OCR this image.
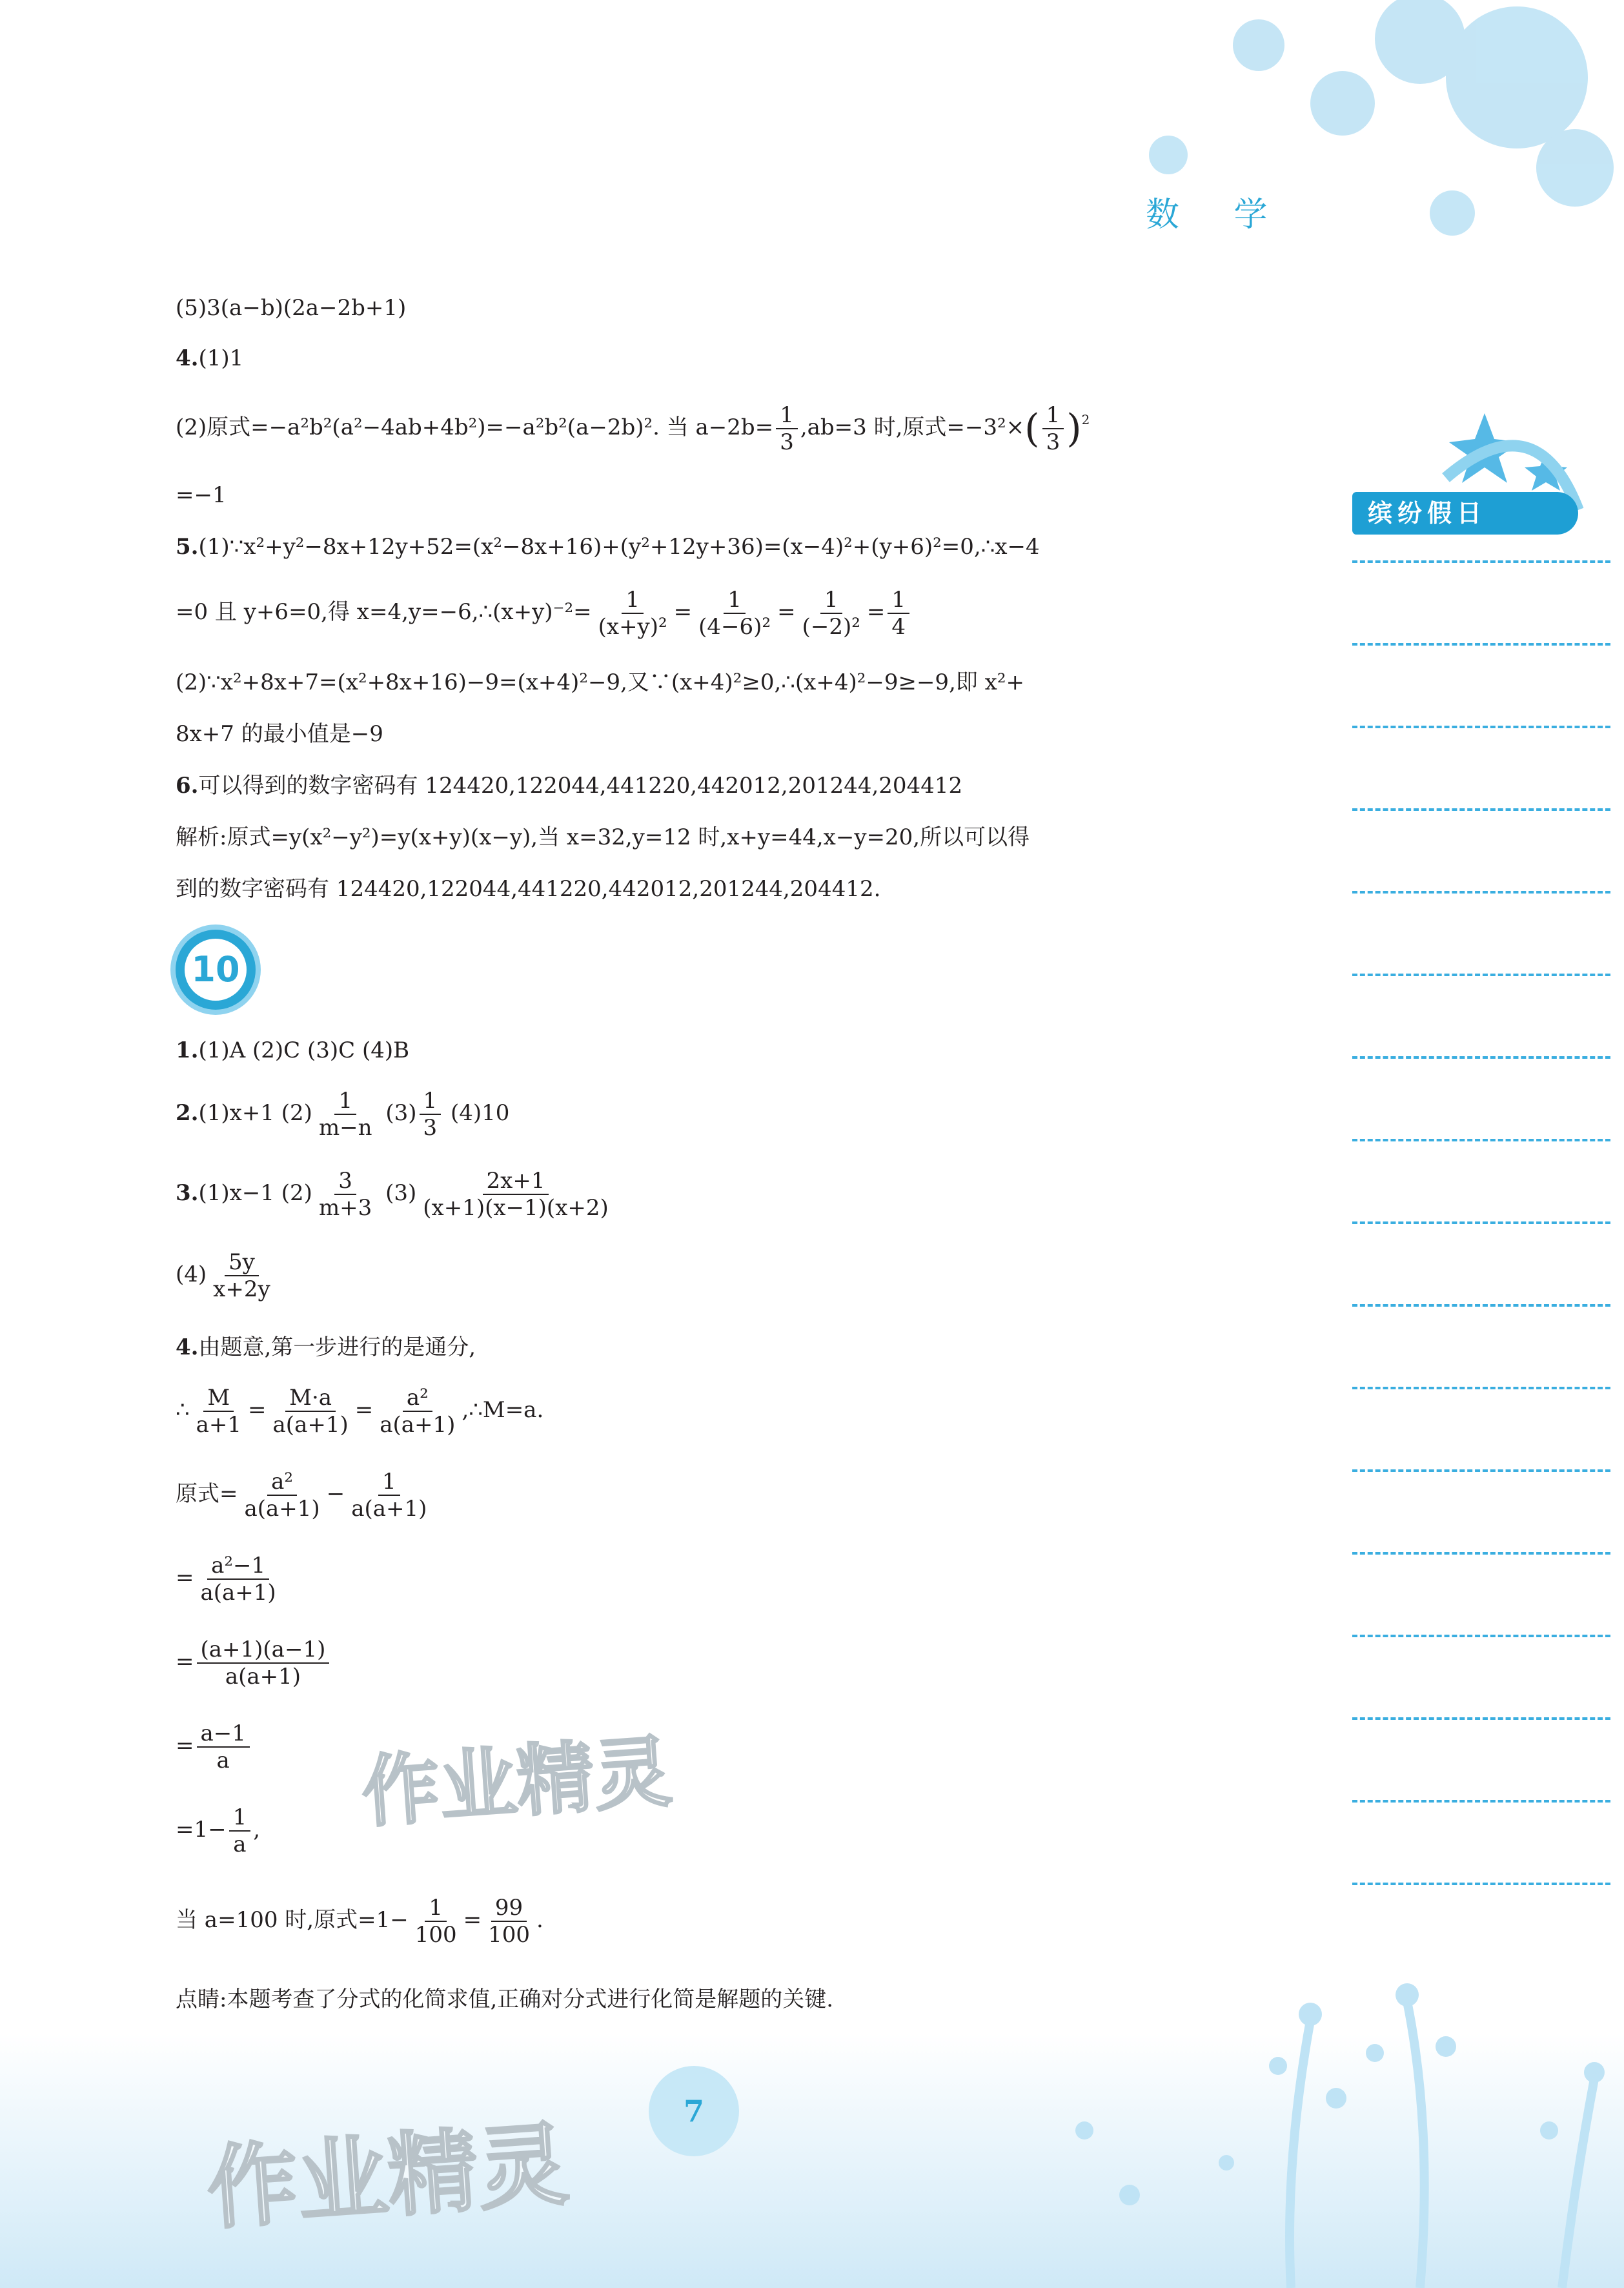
数 学
缤纷假日
(5)3(a−b)(2a−2b+1)
4.(1)1
(2)原式=−a²b²(a²−4ab+4b²)=−a²b²(a−2b)². 当 $a-2b= \frac{1}{3} ,ab=3$ 时,原式$=-3^2\times( \frac{1}{3} )^2$
=−1
5.(1)∵x²+y²−8x+12y+52=(x²−8x+16)+(y²+12y+36)=(x−4)²+(y+6)²=0,∴x−4
=0 且 y+6=0,得 x=4,y=−6,∴(x+y)⁻²= $\frac{1}{\text{(x+y)²}} = \frac{1}{\text{(4−6)²}} = \frac{1}{\text{(−2)²}} = \frac{1}{4}$
(2)∵x²+8x+7=(x²+8x+16)−9=(x+4)²−9,又∵(x+4)²≥0,∴(x+4)²−9≥−9,即 x²+
8x+7 的最小值是−9
6.可以得到的数字密码有 124420,122044,441220,442012,201244,204412
解析:原式=y(x²−y²)=y(x+y)(x−y),当 x=32,y=12 时,x+y=44,x−y=20,所以可以得
到的数字密码有 124420,122044,441220,442012,201244,204412.
1.(1)A (2)C (3)C (4)B
2.(1)x+1 $(2) \frac{1}{m-n} (3) \frac{1}{3} (4)10$
3.(1)x−1 $(2) \frac{3}{m+3} (3) \frac{2x+1}{(x+1)(x-1)(x+2)}$
$(4) \frac{5y}{x+2y}$
4.由题意,第一步进行的是通分,
∴ $\frac{M}{a+1} = \frac{M\cdot a}{a(a+1)} = \frac{\text{a²}}{a(a+1)}$ ,∴M=a.
原式= $\frac{\text{a²}}{a(a+1)} - \frac{1}{a(a+1)}$
= $\frac{\text{a²−1}}{a(a+1)}$
= $\frac{(a+1)(a-1)}{a(a+1)}$
= $\frac{a-1}{a}$
$=1- \frac{1}{a}$ ,
当 a=100 时,原式$=1- \frac{1}{100} = \frac{99}{100}$ .
点睛:本题考查了分式的化简求值,正确对分式进行化简是解题的关键.
10
作业精灵
作业精灵
7
